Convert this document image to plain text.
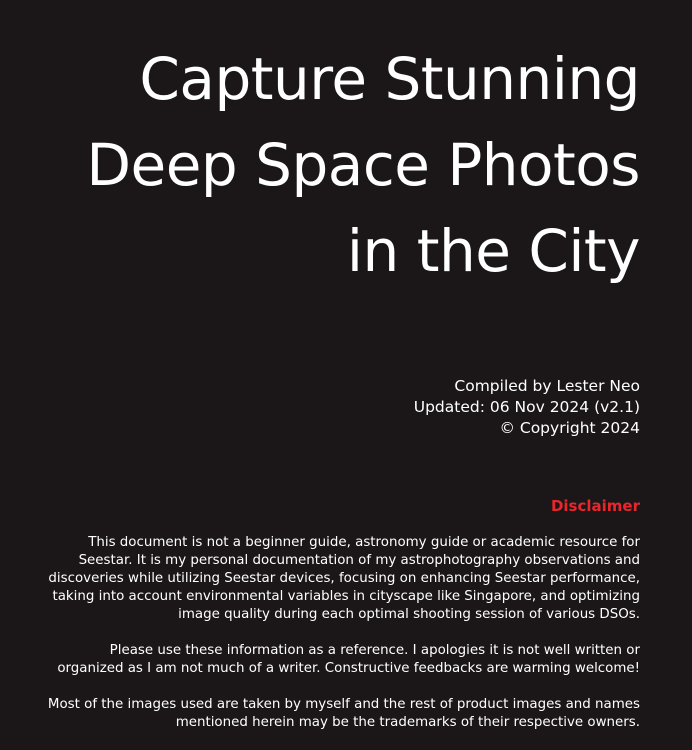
Capture Stunning
Deep Space Photos
in the City
Compiled by Lester Neo
Updated: 06 Nov 2024 (v2.1)
© Copyright 2024
Disclaimer

This document is not a beginner guide, astronomy guide or academic resource for
Seestar. It is my personal documentation of my astrophotography observations and
discoveries while utilizing Seestar devices, focusing on enhancing Seestar performance,
taking into account environmental variables in cityscape like Singapore, and optimizing
image quality during each optimal shooting session of various DSOs.

Please use these information as a reference. I apologies it is not well written or
organized as I am not much of a writer. Constructive feedbacks are warming welcome!

Most of the images used are taken by myself and the rest of product images and names
mentioned herein may be the trademarks of their respective owners.
